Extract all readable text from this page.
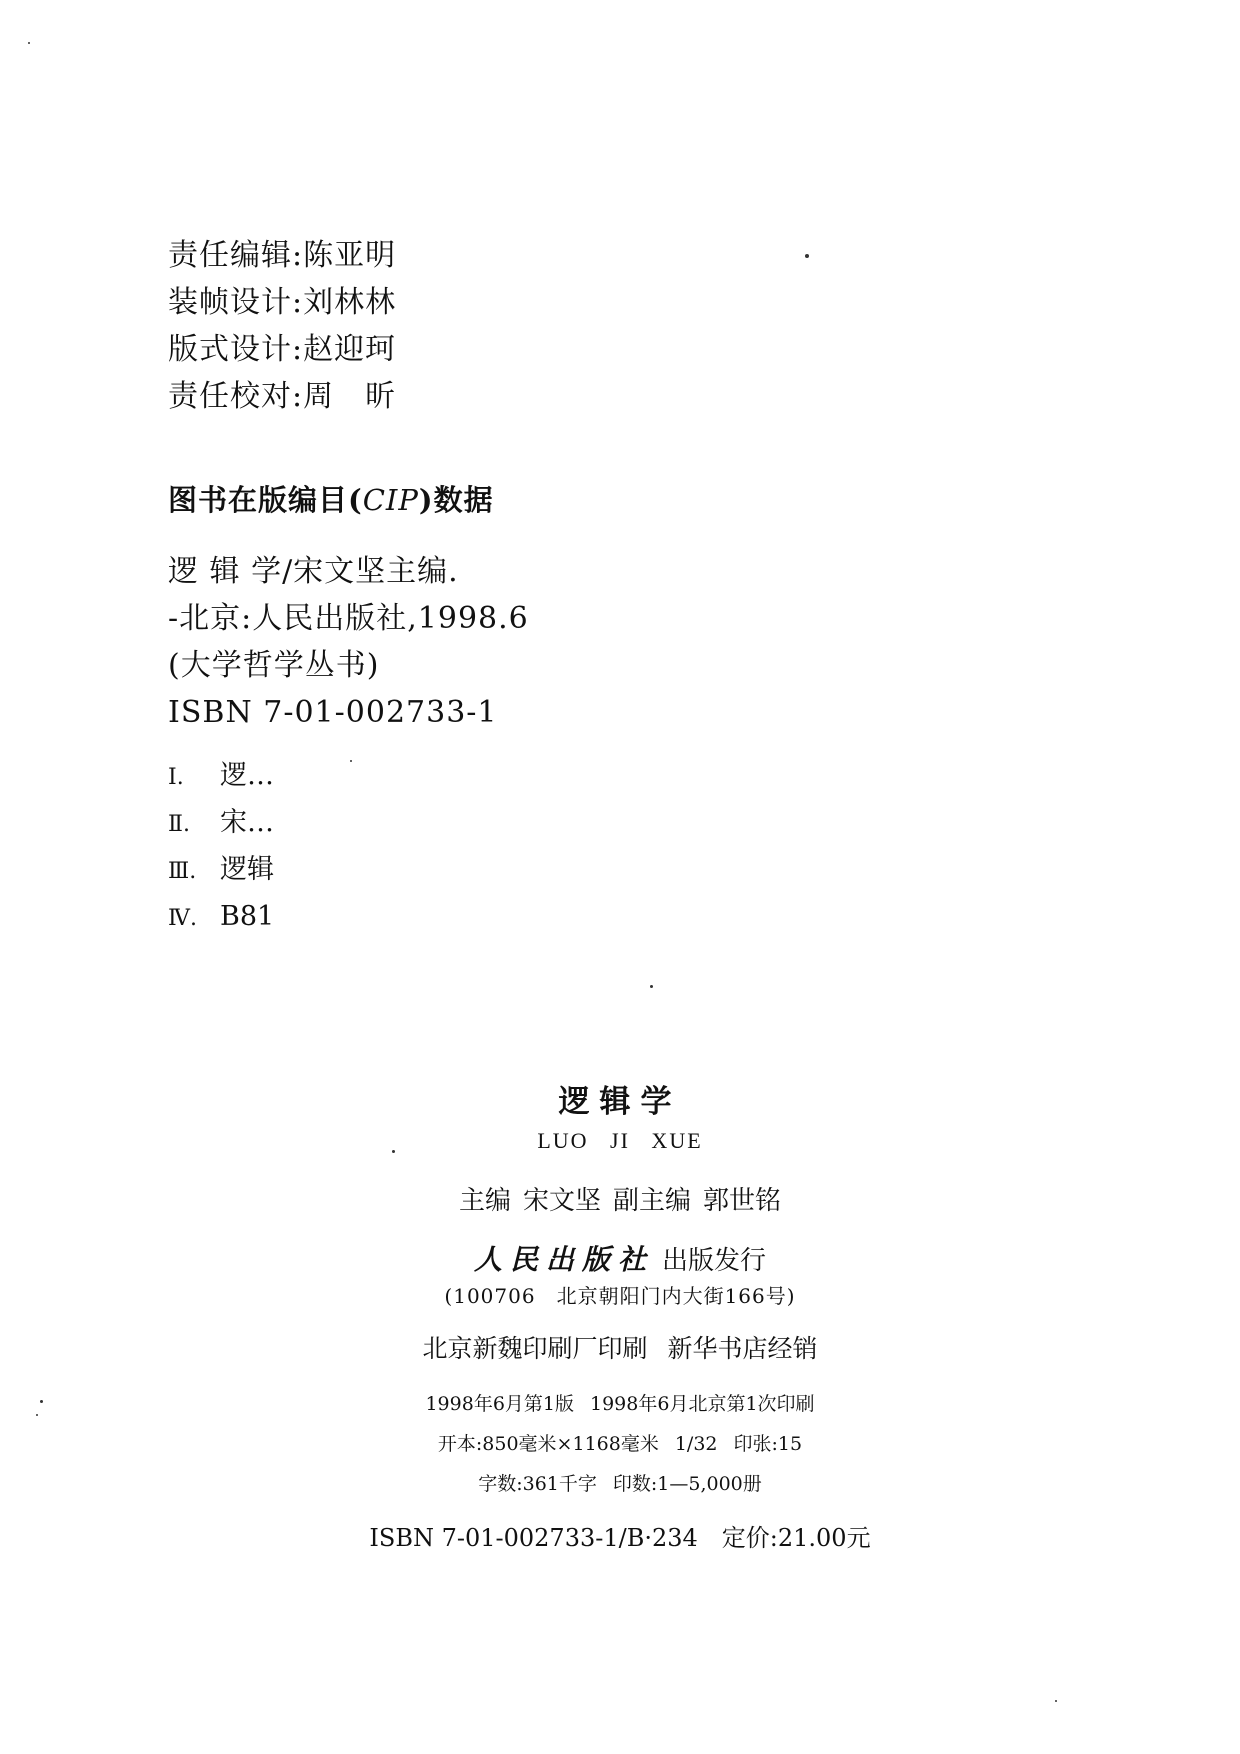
责任编辑:陈亚明
装帧设计:刘林林
版式设计:赵迎珂
责任校对:周　昕
图书在版编目(CIP)数据
逻 辑 学/宋文坚主编.
-北京:人民出版社,1998.6
(大学哲学丛书)
ISBN 7-01-002733-1
Ⅰ. 逻…
Ⅱ. 宋…
Ⅲ. 逻辑
Ⅳ. B81
逻辑学
LUO JI XUE
主编 宋文坚 副主编 郭世铭
人民出版社 出版发行
(100706　北京朝阳门内大街166号)
北京新魏印刷厂印刷 新华书店经销
1998年6月第1版 1998年6月北京第1次印刷
开本:850毫米×1168毫米 1/32 印张:15
字数:361千字 印数:1—5,000册
ISBN 7-01-002733-1/B·234 定价:21.00元
